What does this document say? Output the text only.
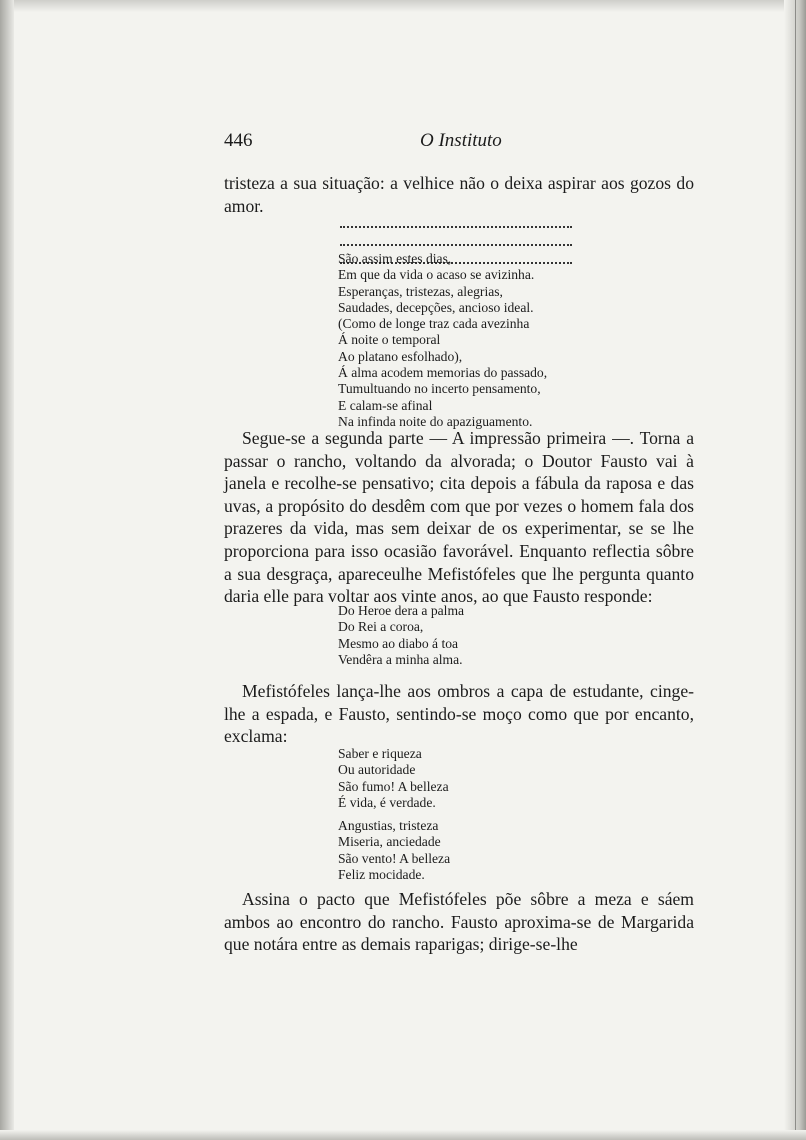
446	O Instituto

tristeza a sua situação: a velhice não o deixa aspirar aos gozos do amor.

São assim estes dias,
Em que da vida o acaso se avizinha.
Esperanças, tristezas, alegrias,
Saudades, decepções, ancioso ideal.
(Como de longe traz cada avezinha
Á noite o temporal
Ao platano esfolhado),
Á alma acodem memorias do passado,
Tumultuando no incerto pensamento,
E calam-se afinal
Na infinda noite do apaziguamento.

Segue-se a segunda parte — A impressão primeira —. Torna a passar o rancho, voltando da alvorada; o Doutor Fausto vai à janela e recolhe-se pensativo; cita depois a fábula da raposa e das uvas, a propósito do desdêm com que por vezes o homem fala dos prazeres da vida, mas sem deixar de os experimentar, se se lhe proporciona para isso ocasião favorável. Enquanto reflectia sôbre a sua desgraça, apareceulhe Mefistófeles que lhe pergunta quanto daria elle para voltar aos vinte anos, ao que Fausto responde:

Do Heroe dera a palma
Do Rei a coroa,
Mesmo ao diabo á toa
Vendêra a minha alma.

Mefistófeles lança-lhe aos ombros a capa de estudante, cinge-lhe a espada, e Fausto, sentindo-se moço como que por encanto, exclama:

Saber e riqueza
Ou autoridade
São fumo! A belleza
É vida, é verdade.
Angustias, tristeza
Miseria, anciedade
São vento! A belleza
Feliz mocidade.

Assina o pacto que Mefistófeles põe sôbre a meza e sáem ambos ao encontro do rancho. Fausto aproxima-se de Margarida que notára entre as demais raparigas; dirige-se-lhe
